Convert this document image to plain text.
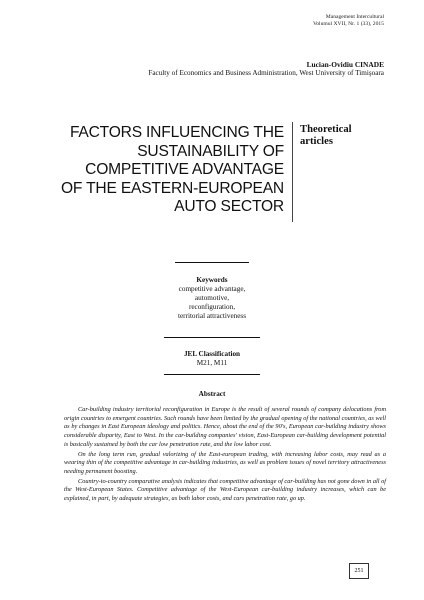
Management Intercultural
Volumul XVII, Nr. 1 (33), 2015
Lucian-Ovidiu CINADE
Faculty of Economics and Business Administration, West University of Timişoara
FACTORS INFLUENCING THE
SUSTAINABILITY OF
COMPETITIVE ADVANTAGE
OF THE EASTERN-EUROPEAN
AUTO SECTOR
Theoretical
articles
Keywords
competitive advantage,
automotive,
reconfiguration,
territorial attractiveness
JEL Classification
M21, M11
Abstract

Car-building industry territorial reconfiguration in Europe is the result of several rounds of company delocations from origin countries to emergent countries. Such rounds have been limited by the gradual opening of the national countries, as well as by changes in East European ideology and politics. Hence, about the end of the 90's, European car-building industry shows considerable disparity, East to West. In the car-building companies' vision, East-European car-building development potential is basically sustained by both the car low penetration rate, and the low labor cost.

On the long term run, gradual valorizing of the East-european trading, with increasing labor costs, may read as a wearing thin of the competitive advantage in car-building industries, as well as problem issues of novel territory attractiveness needing permanent boosting.

Country-to-country comparative analysis indicates that competitive advantage of car-building has not gone down in all of the West-European States. Competitive advantage of the West-European car-building industry increases, which can be explained, in part, by adequate strategies, as both labor costs, and cars penetration rate, go up.

251
